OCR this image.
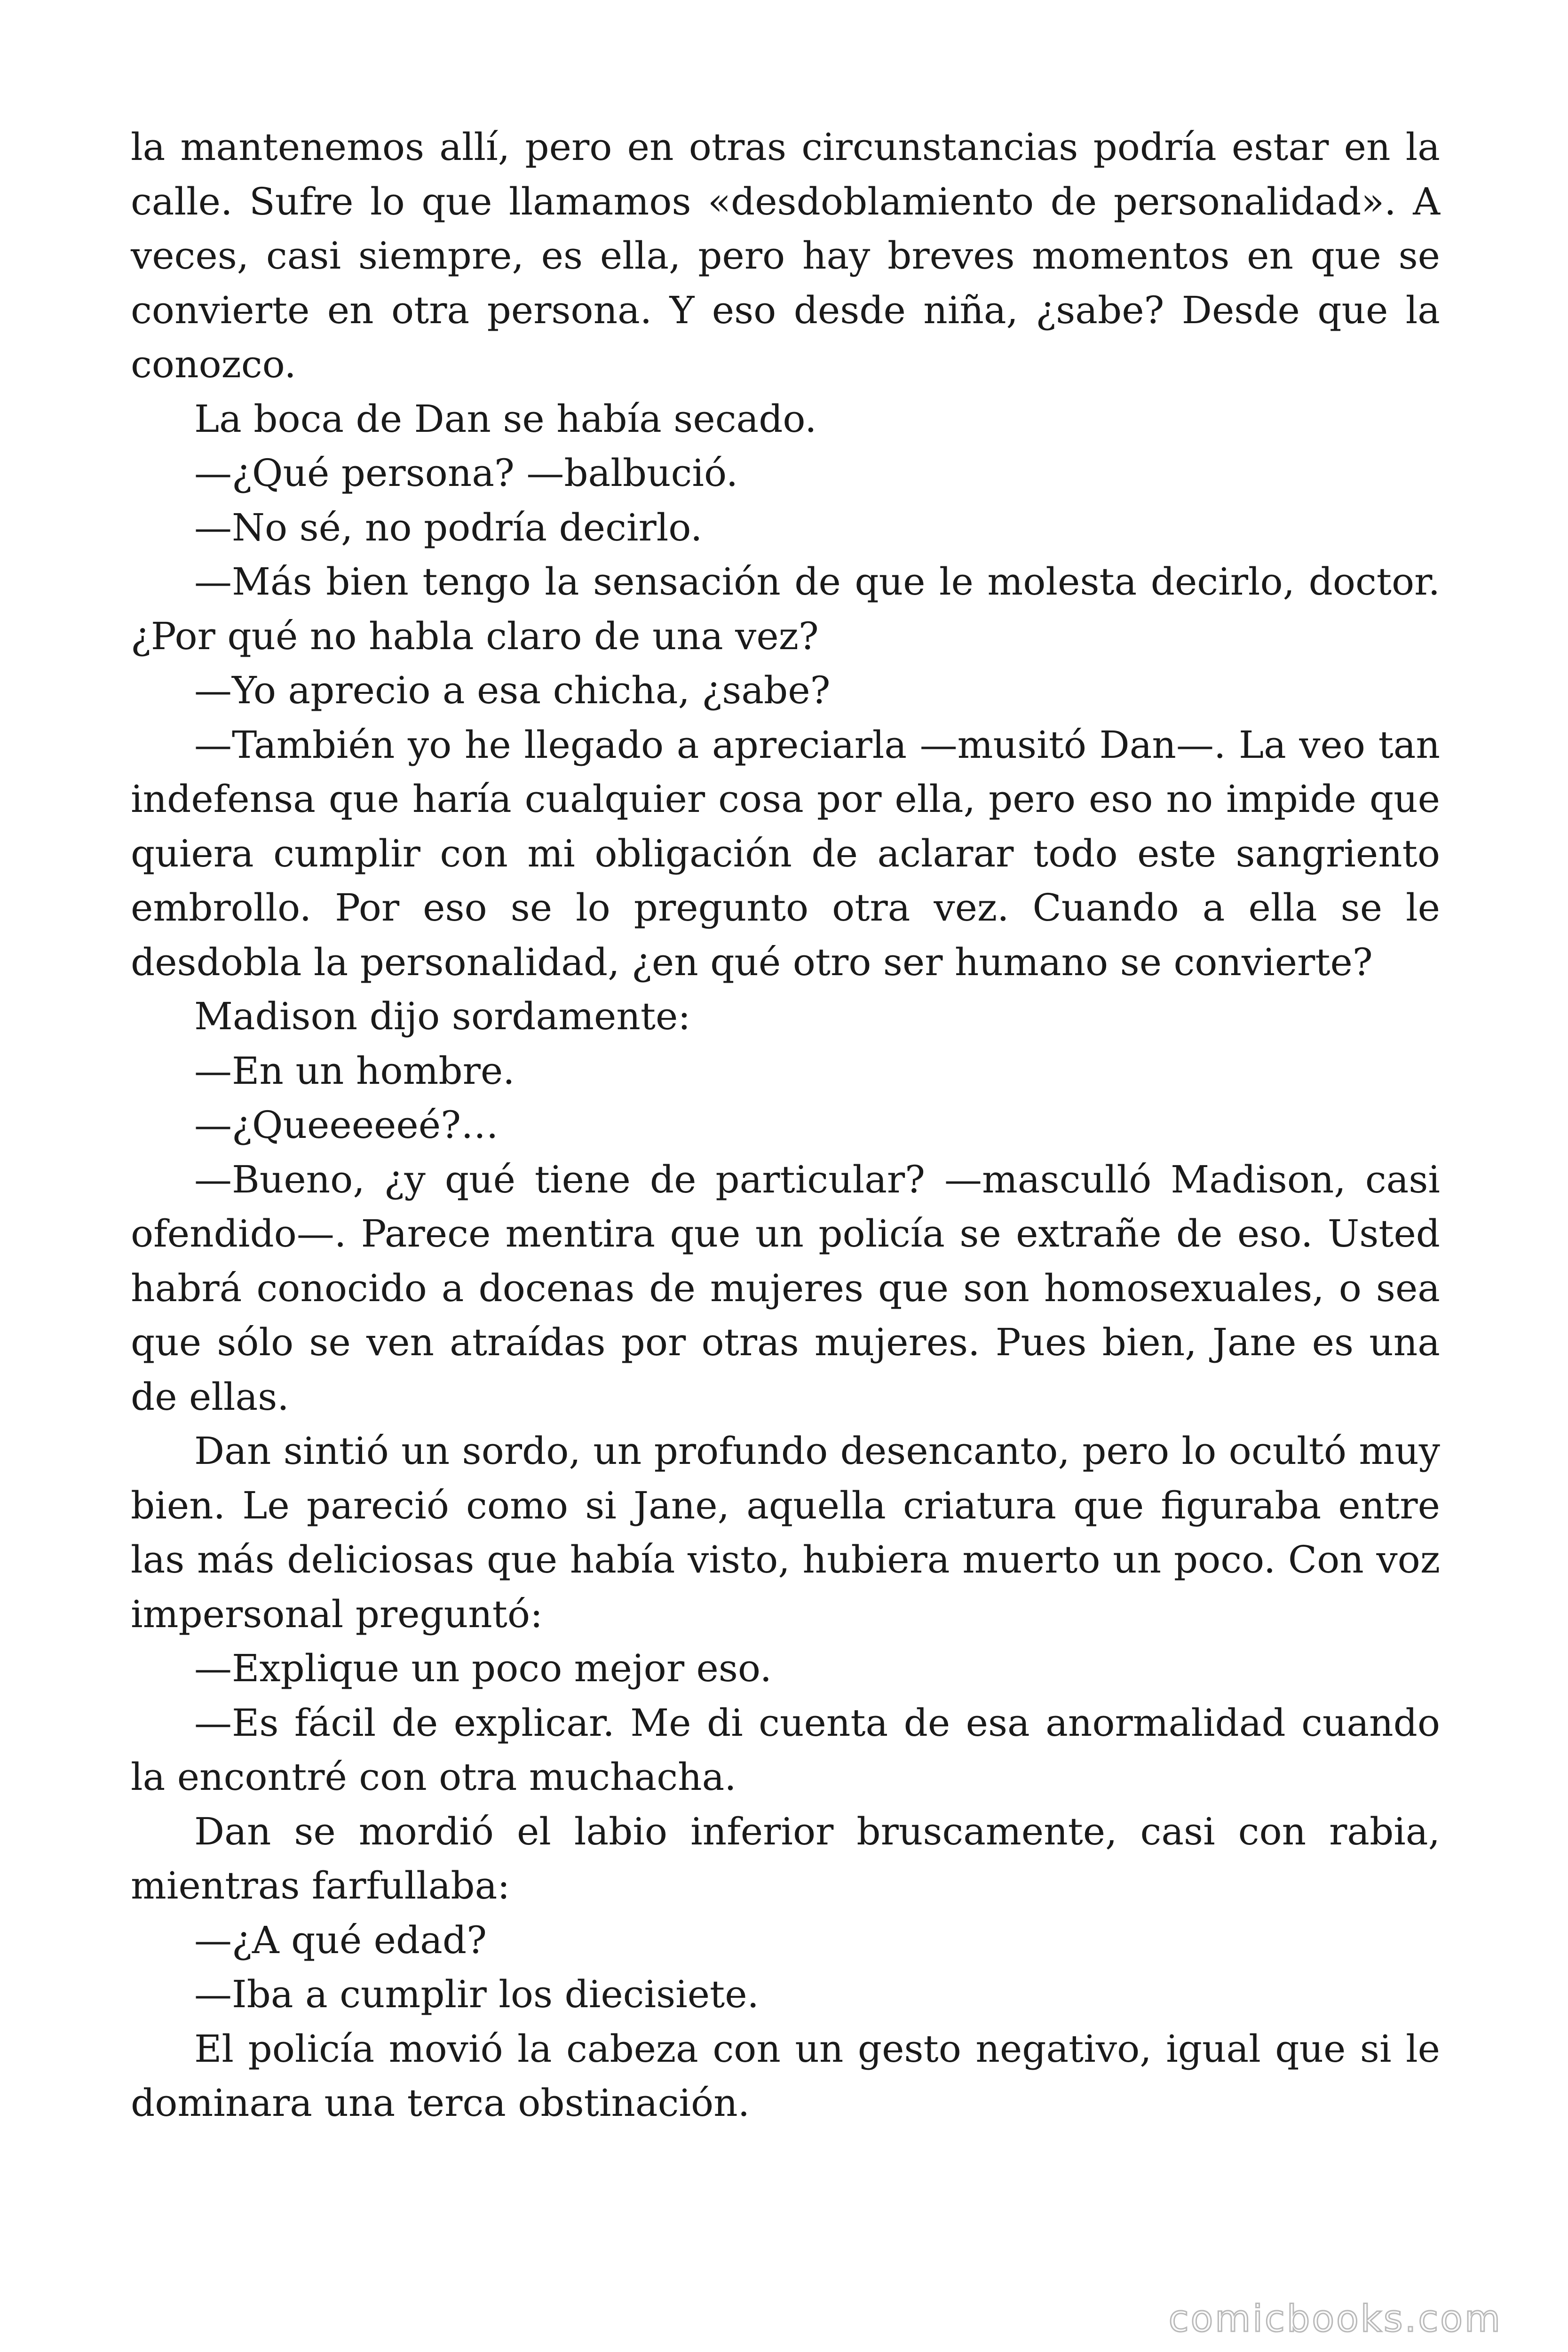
la mantenemos allí, pero en otras circunstancias podría estar en la calle. Sufre lo que llamamos «desdoblamiento de personalidad». A veces, casi siempre, es ella, pero hay breves momentos en que se convierte en otra persona. Y eso desde niña, ¿sabe? Desde que la conozco.

La boca de Dan se había secado.

—¿Qué persona? —balbució.

—No sé, no podría decirlo.

—Más bien tengo la sensación de que le molesta decirlo, doctor. ¿Por qué no habla claro de una vez?

—Yo aprecio a esa chicha, ¿sabe?

—También yo he llegado a apreciarla —musitó Dan—. La veo tan indefensa que haría cualquier cosa por ella, pero eso no impide que quiera cumplir con mi obligación de aclarar todo este sangriento embrollo. Por eso se lo pregunto otra vez. Cuando a ella se le desdobla la personalidad, ¿en qué otro ser humano se convierte?

Madison dijo sordamente:

—En un hombre.

—¿Queeeeeé?…

—Bueno, ¿y qué tiene de particular? —masculló Madison, casi ofendido—. Parece mentira que un policía se extrañe de eso. Usted habrá conocido a docenas de mujeres que son homosexuales, o sea que sólo se ven atraídas por otras mujeres. Pues bien, Jane es una de ellas.

Dan sintió un sordo, un profundo desencanto, pero lo ocultó muy bien. Le pareció como si Jane, aquella criatura que figuraba entre las más deliciosas que había visto, hubiera muerto un poco. Con voz impersonal preguntó:

—Explique un poco mejor eso.

—Es fácil de explicar. Me di cuenta de esa anormalidad cuando la encontré con otra muchacha.

Dan se mordió el labio inferior bruscamente, casi con rabia, mientras farfullaba:

—¿A qué edad?

—Iba a cumplir los diecisiete.

El policía movió la cabeza con un gesto negativo, igual que si le dominara una terca obstinación.

comicbooks.com
